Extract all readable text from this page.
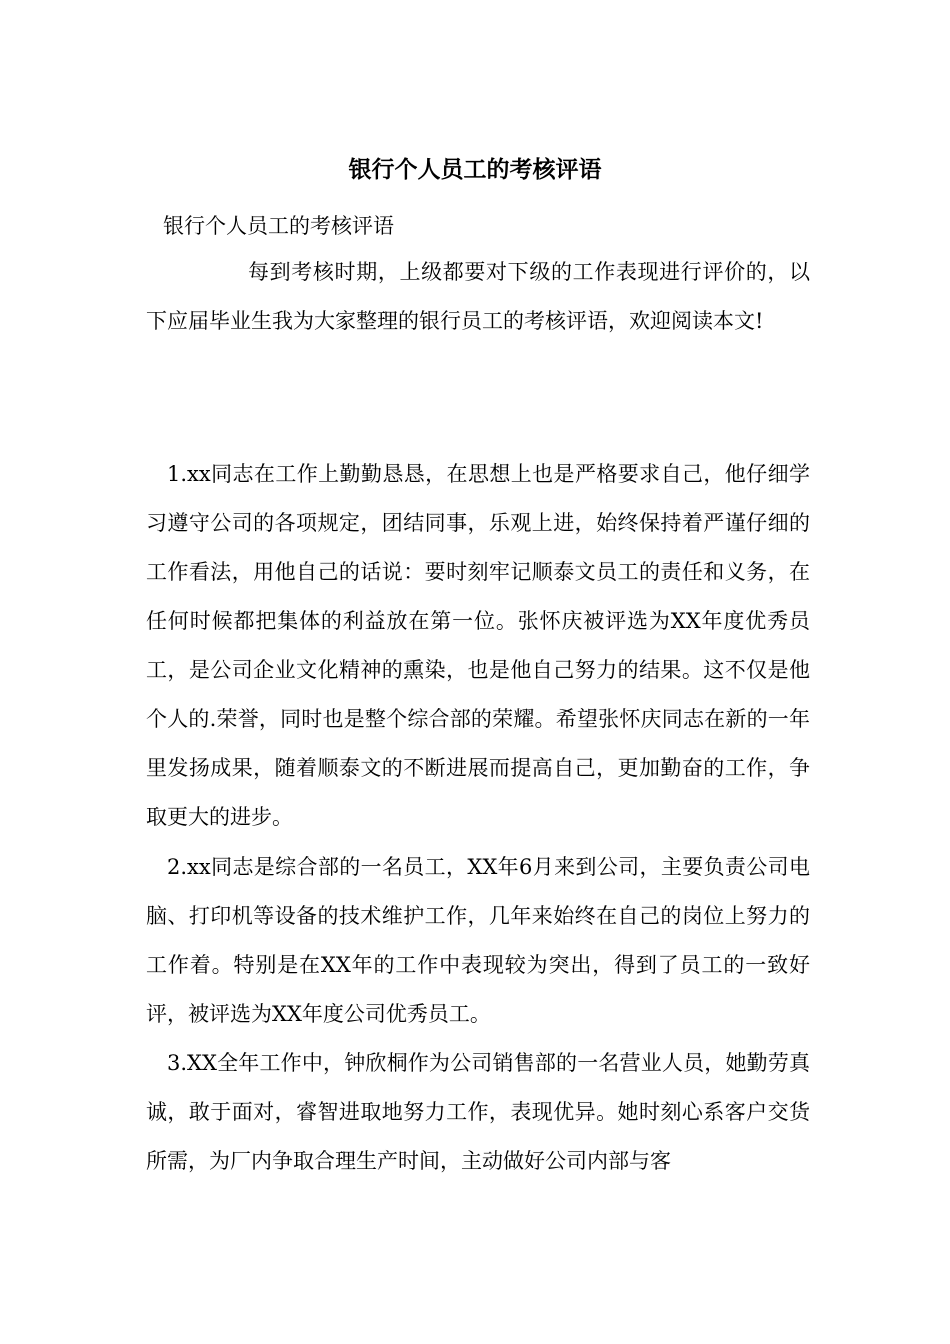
银行个人员工的考核评语

银行个人员工的考核评语

每到考核时期，上级都要对下级的工作表现进行评价的，以下应届毕业生我为大家整理的银行员工的考核评语，欢迎阅读本文!

1.xx同志在工作上勤勤恳恳，在思想上也是严格要求自己，他仔细学习遵守公司的各项规定，团结同事，乐观上进，始终保持着严谨仔细的工作看法，用他自己的话说：要时刻牢记顺泰文员工的责任和义务，在任何时候都把集体的利益放在第一位。张怀庆被评选为XX年度优秀员工，是公司企业文化精神的熏染，也是他自己努力的结果。这不仅是他个人的.荣誉，同时也是整个综合部的荣耀。希望张怀庆同志在新的一年里发扬成果，随着顺泰文的不断进展而提高自己，更加勤奋的工作，争取更大的进步。

2.xx同志是综合部的一名员工，XX年6月来到公司，主要负责公司电脑、打印机等设备的技术维护工作，几年来始终在自己的岗位上努力的工作着。特别是在XX年的工作中表现较为突出，得到了员工的一致好评，被评选为XX年度公司优秀员工。

3.XX全年工作中，钟欣桐作为公司销售部的一名营业人员，她勤劳真诚，敢于面对，睿智进取地努力工作，表现优异。她时刻心系客户交货所需，为厂内争取合理生产时间，主动做好公司内部与客
